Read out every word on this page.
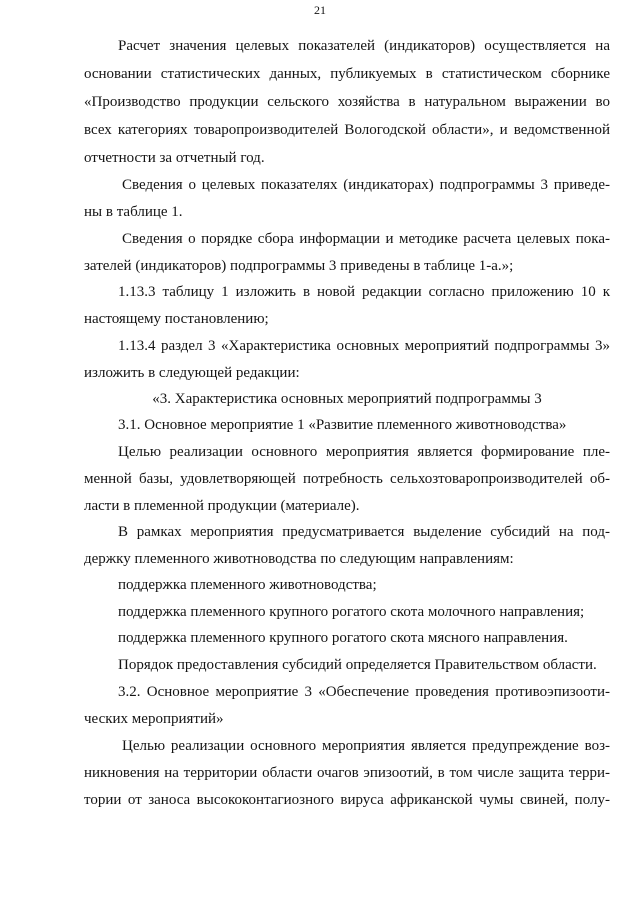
21
Расчет значения целевых показателей (индикаторов) осуществляется на
основании статистических данных, публикуемых в статистическом сборнике
«Производство продукции сельского хозяйства в натуральном выражении во
всех категориях товаропроизводителей Вологодской области», и ведомственной
отчетности за отчетный год.
Сведения о целевых показателях (индикаторах) подпрограммы 3 приведе-
ны в таблице 1.
Сведения о порядке сбора информации и методике расчета целевых пока-
зателей (индикаторов) подпрограммы 3 приведены в таблице 1-а.»;
1.13.3 таблицу 1 изложить в новой редакции согласно приложению 10 к
настоящему постановлению;
1.13.4 раздел 3 «Характеристика основных мероприятий подпрограммы 3»
изложить в следующей редакции:
«3. Характеристика основных мероприятий подпрограммы 3
3.1. Основное мероприятие 1 «Развитие племенного животноводства»
Целью реализации основного мероприятия является формирование пле-
менной базы, удовлетворяющей потребность сельхозтоваропроизводителей об-
ласти в племенной продукции (материале).
В рамках мероприятия предусматривается выделение субсидий на под-
держку племенного животноводства по следующим направлениям:
поддержка племенного животноводства;
поддержка племенного крупного рогатого скота молочного направления;
поддержка племенного крупного рогатого скота мясного направления.
Порядок предоставления субсидий определяется Правительством области.
3.2. Основное мероприятие 3 «Обеспечение проведения противоэпизооти-
ческих мероприятий»
Целью реализации основного мероприятия является предупреждение воз-
никновения на территории области очагов эпизоотий, в том числе защита терри-
тории от заноса высококонтагиозного вируса африканской чумы свиней, полу-
